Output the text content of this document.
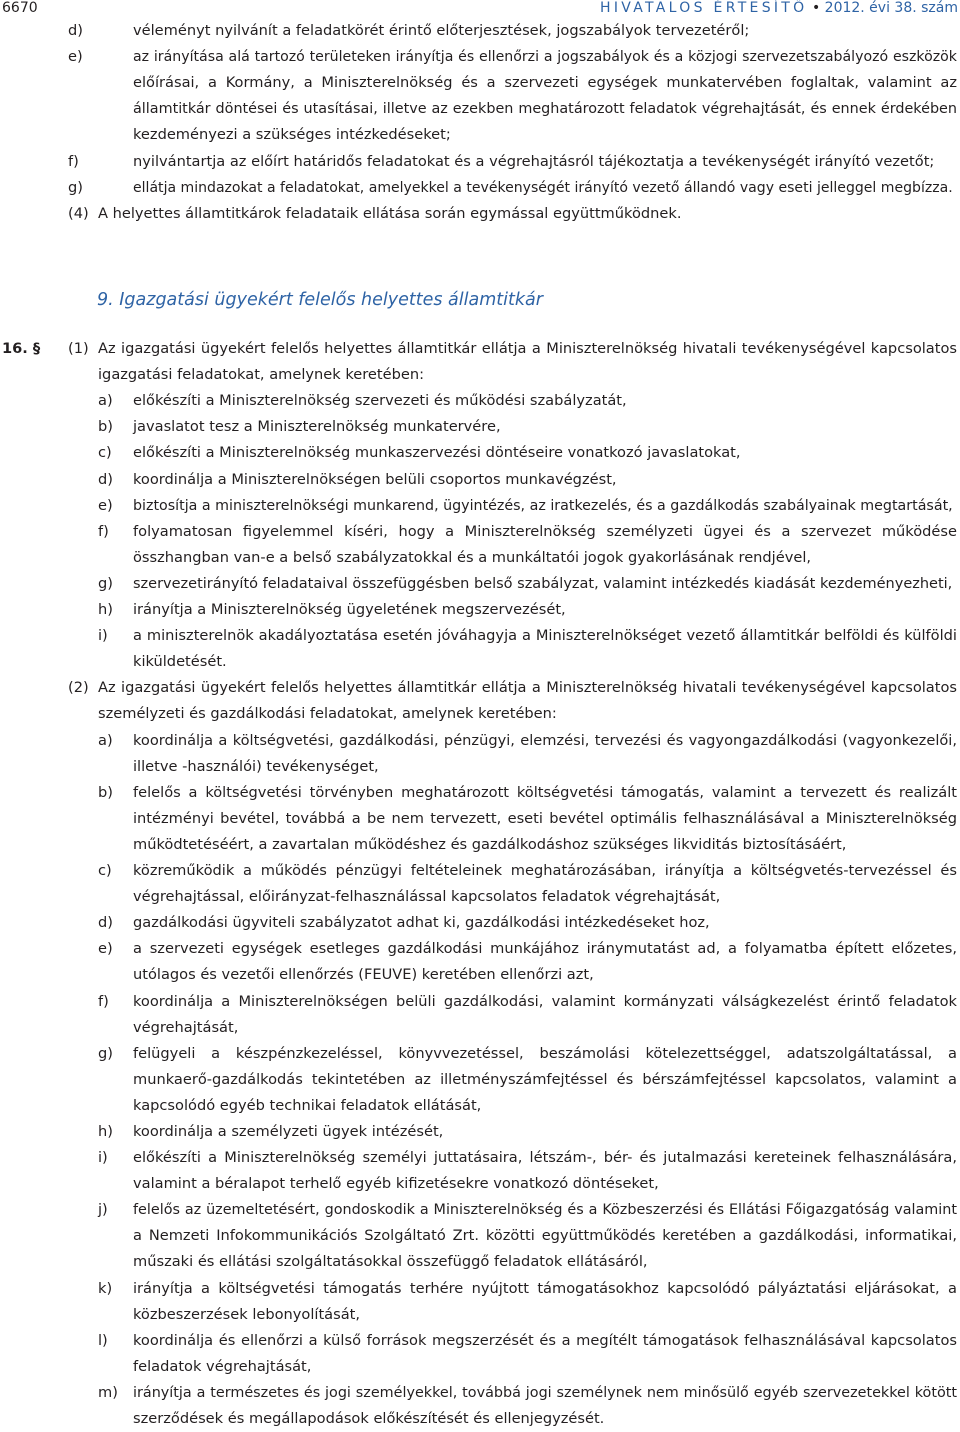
6670	HIVATALOS ÉRTESÍTŐ • 2012. évi 38. szám
9. Igazgatási ügyekért felelős helyettes államtitkár
16. §
d)	véleményt nyilvánít a feladatkörét érintő előterjesztések, jogszabályok tervezetéről;
e)	az irányítása alá tartozó területeken irányítja és ellenőrzi a jogszabályok és a közjogi szervezetszabályozó eszközök
előírásai, a Kormány, a Miniszterelnökség és a szervezeti egységek munkatervében foglaltak, valamint az
államtitkár döntései és utasításai, illetve az ezekben meghatározott feladatok végrehajtását, és ennek érdekében
kezdeményezi a szükséges intézkedéseket;
f)	nyilvántartja az előírt határidős feladatokat és a végrehajtásról tájékoztatja a tevékenységét irányító vezetőt;
g)	ellátja mindazokat a feladatokat, amelyekkel a tevékenységét irányító vezető állandó vagy eseti jelleggel megbízza.
(4) A helyettes államtitkárok feladataik ellátása során egymással együttműködnek.
(1) Az igazgatási ügyekért felelős helyettes államtitkár ellátja a Miniszterelnökség hivatali tevékenységével kapcsolatos
igazgatási feladatokat, amelynek keretében:
a) előkészíti a Miniszterelnökség szervezeti és működési szabályzatát,
b) javaslatot tesz a Miniszterelnökség munkatervére,
c) előkészíti a Miniszterelnökség munkaszervezési döntéseire vonatkozó javaslatokat,
d) koordinálja a Miniszterelnökségen belüli csoportos munkavégzést,
e) biztosítja a miniszterelnökségi munkarend, ügyintézés, az iratkezelés, és a gazdálkodás szabályainak megtartását,
f) folyamatosan figyelemmel kíséri, hogy a Miniszterelnökség személyzeti ügyei és a szervezet működése
összhangban van-e a belső szabályzatokkal és a munkáltatói jogok gyakorlásának rendjével,
g) szervezetirányító feladataival összefüggésben belső szabályzat, valamint intézkedés kiadását kezdeményezheti,
h) irányítja a Miniszterelnökség ügyeletének megszervezését,
i) a miniszterelnök akadályoztatása esetén jóváhagyja a Miniszterelnökséget vezető államtitkár belföldi és külföldi
kiküldetését.
(2) Az igazgatási ügyekért felelős helyettes államtitkár ellátja a Miniszterelnökség hivatali tevékenységével kapcsolatos
személyzeti és gazdálkodási feladatokat, amelynek keretében:
a) koordinálja a költségvetési, gazdálkodási, pénzügyi, elemzési, tervezési és vagyongazdálkodási (vagyonkezelői,
illetve -használói) tevékenységet,
b) felelős a költségvetési törvényben meghatározott költségvetési támogatás, valamint a tervezett és realizált
intézményi bevétel, továbbá a be nem tervezett, eseti bevétel optimális felhasználásával a Miniszterelnökség
működtetéséért, a zavartalan működéshez és gazdálkodáshoz szükséges likviditás biztosításáért,
c) közreműködik a működés pénzügyi feltételeinek meghatározásában, irányítja a költségvetés-tervezéssel és
végrehajtással, előirányzat-felhasználással kapcsolatos feladatok végrehajtását,
d) gazdálkodási ügyviteli szabályzatot adhat ki, gazdálkodási intézkedéseket hoz,
e) a szervezeti egységek esetleges gazdálkodási munkájához iránymutatást ad, a folyamatba épített előzetes,
utólagos és vezetői ellenőrzés (FEUVE) keretében ellenőrzi azt,
f) koordinálja a Miniszterelnökségen belüli gazdálkodási, valamint kormányzati válságkezelést érintő feladatok
végrehajtását,
g) felügyeli a készpénzkezeléssel, könyvvezetéssel, beszámolási kötelezettséggel, adatszolgáltatással, a
munkaerő-gazdálkodás tekintetében az illetményszámfejtéssel és bérszámfejtéssel kapcsolatos, valamint a
kapcsolódó egyéb technikai feladatok ellátását,
h) koordinálja a személyzeti ügyek intézését,
i) előkészíti a Miniszterelnökség személyi juttatásaira, létszám-, bér- és jutalmazási kereteinek felhasználására,
valamint a béralapot terhelő egyéb kifizetésekre vonatkozó döntéseket,
j) felelős az üzemeltetésért, gondoskodik a Miniszterelnökség és a Közbeszerzési és Ellátási Főigazgatóság valamint
a Nemzeti Infokommunikációs Szolgáltató Zrt. közötti együttműködés keretében a gazdálkodási, informatikai,
műszaki és ellátási szolgáltatásokkal összefüggő feladatok ellátásáról,
k) irányítja a költségvetési támogatás terhére nyújtott támogatásokhoz kapcsolódó pályáztatási eljárásokat, a
közbeszerzések lebonyolítását,
l) koordinálja és ellenőrzi a külső források megszerzését és a megítélt támogatások felhasználásával kapcsolatos
feladatok végrehajtását,
m) irányítja a természetes és jogi személyekkel, továbbá jogi személynek nem minősülő egyéb szervezetekkel kötött
szerződések és megállapodások előkészítését és ellenjegyzését.
